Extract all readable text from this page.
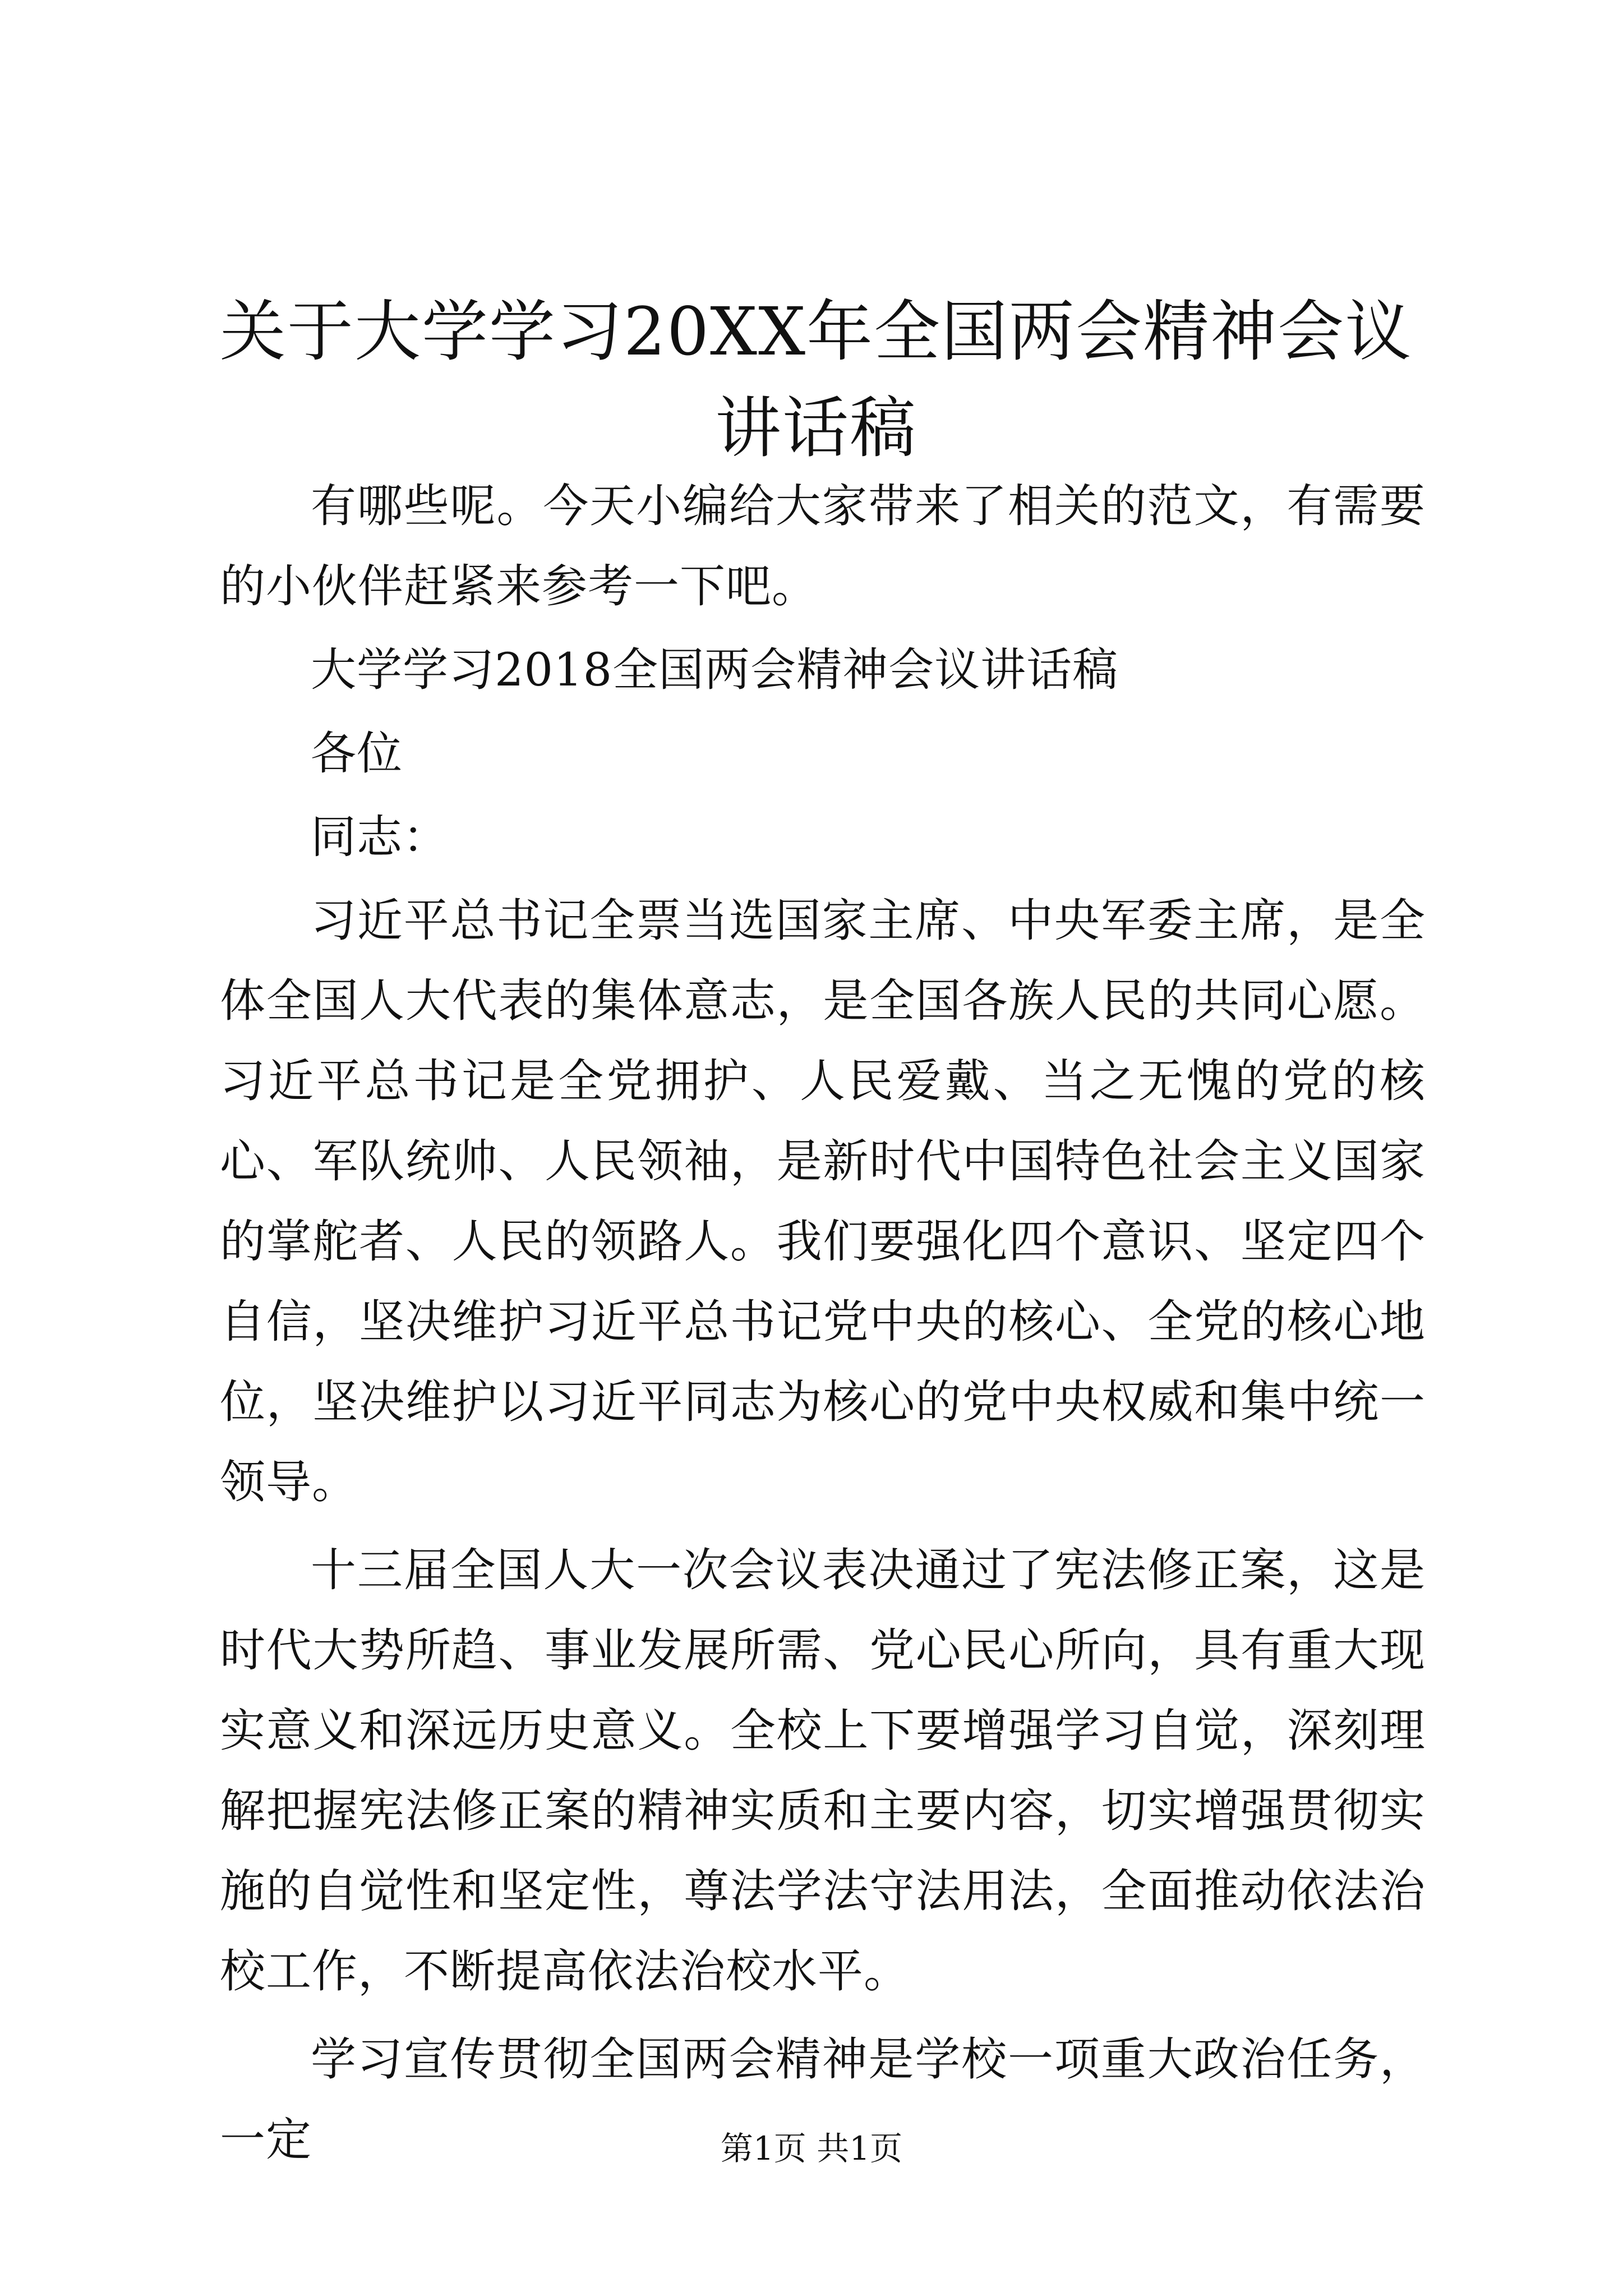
关于大学学习20XX年全国两会精神会议讲话稿

有哪些呢。今天小编给大家带来了相关的范文，有需要的小伙伴赶紧来参考一下吧。

大学学习2018全国两会精神会议讲话稿

各位

同志：

习近平总书记全票当选国家主席、中央军委主席，是全体全国人大代表的集体意志，是全国各族人民的共同心愿。习近平总书记是全党拥护、人民爱戴、当之无愧的党的核心、军队统帅、人民领袖，是新时代中国特色社会主义国家的掌舵者、人民的领路人。我们要强化四个意识、坚定四个自信，坚决维护习近平总书记党中央的核心、全党的核心地位，坚决维护以习近平同志为核心的党中央权威和集中统一领导。

十三届全国人大一次会议表决通过了宪法修正案，这是时代大势所趋、事业发展所需、党心民心所向，具有重大现实意义和深远历史意义。全校上下要增强学习自觉，深刻理解把握宪法修正案的精神实质和主要内容，切实增强贯彻实施的自觉性和坚定性，尊法学法守法用法，全面推动依法治校工作，不断提高依法治校水平。

学习宣传贯彻全国两会精神是学校一项重大政治任务，一定	第1页 共1页
